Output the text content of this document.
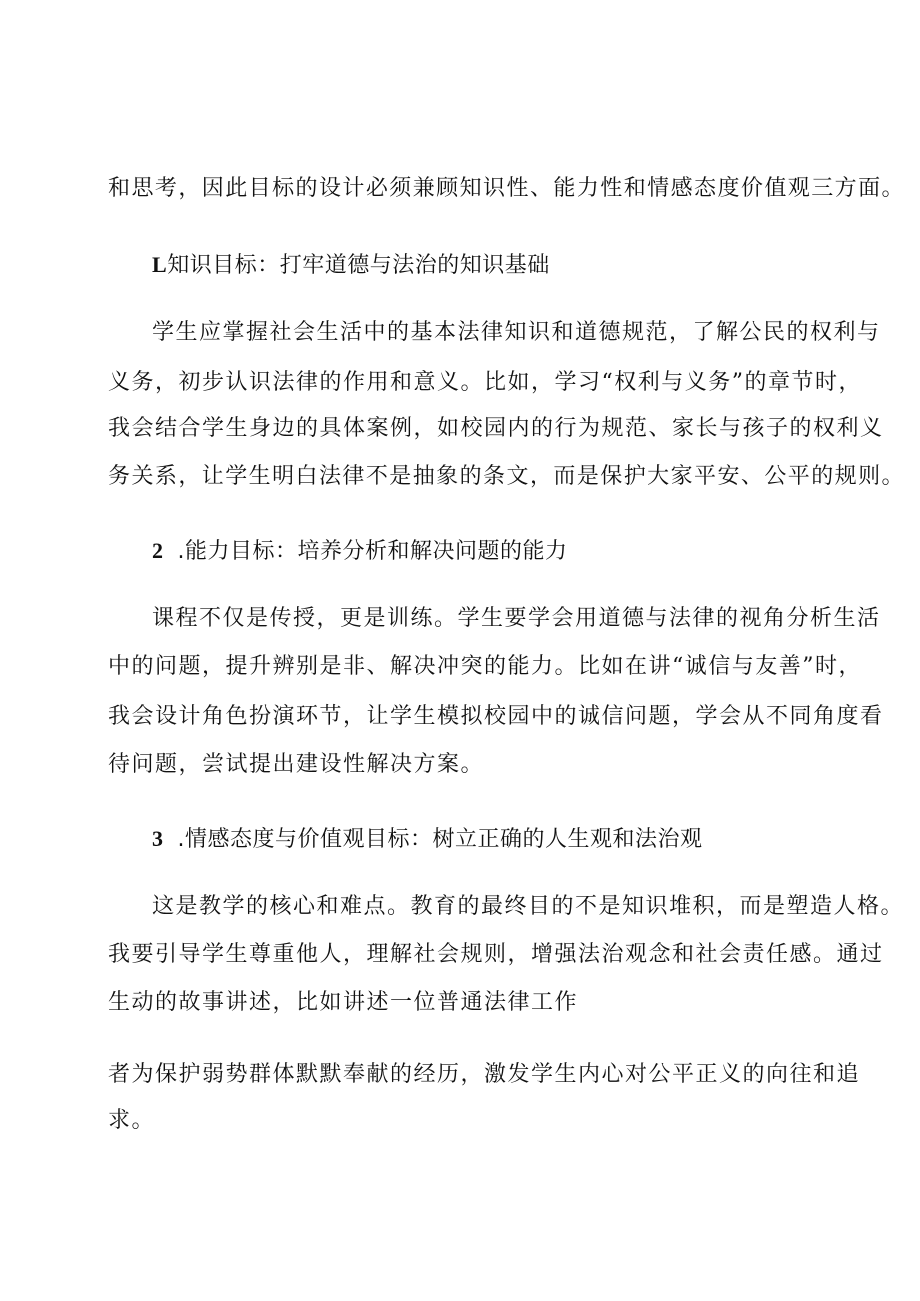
和思考，因此目标的设计必须兼顾知识性、能力性和情感态度价值观三方面。
L知识目标：打牢道德与法治的知识基础
学生应掌握社会生活中的基本法律知识和道德规范，了解公民的权利与
义务，初步认识法律的作用和意义。比如，学习“权利与义务”的章节时，
我会结合学生身边的具体案例，如校园内的行为规范、家长与孩子的权利义
务关系，让学生明白法律不是抽象的条文，而是保护大家平安、公平的规则。
2 .能力目标：培养分析和解决问题的能力
课程不仅是传授，更是训练。学生要学会用道德与法律的视角分析生活
中的问题，提升辨别是非、解决冲突的能力。比如在讲“诚信与友善”时，
我会设计角色扮演环节，让学生模拟校园中的诚信问题，学会从不同角度看
待问题，尝试提出建设性解决方案。
3 .情感态度与价值观目标：树立正确的人生观和法治观
这是教学的核心和难点。教育的最终目的不是知识堆积，而是塑造人格。
我要引导学生尊重他人，理解社会规则，增强法治观念和社会责任感。通过
生动的故事讲述，比如讲述一位普通法律工作
者为保护弱势群体默默奉献的经历，激发学生内心对公平正义的向往和追
求。
